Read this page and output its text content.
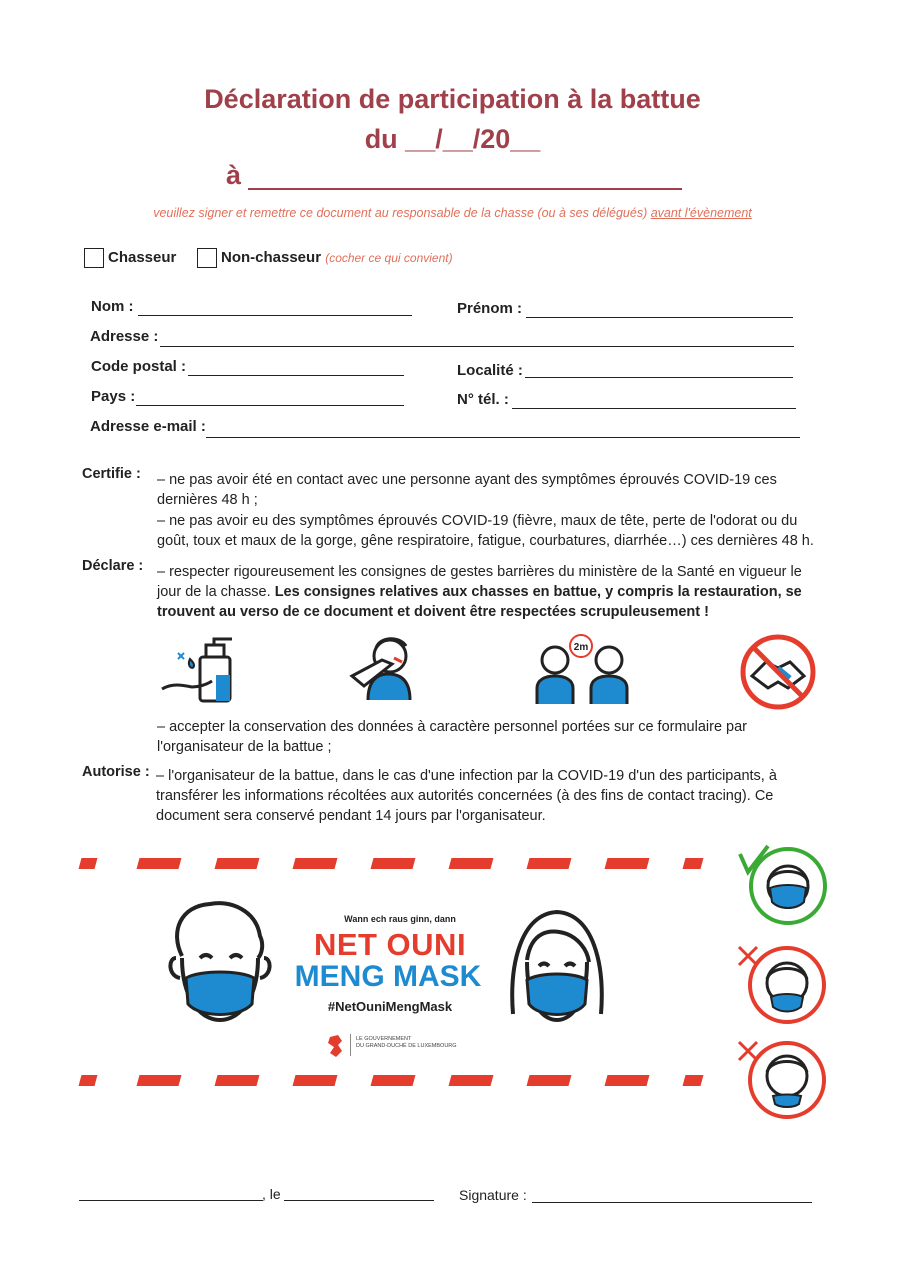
Déclaration de participation à la battue
du __/__/20__
à
veuillez signer et remettre ce document au responsable de la chasse (ou à ses délégués) avant l'évènement
Chasseur	Non-chasseur (cocher ce qui convient)
Nom :	Prénom :
Adresse :
Code postal :	Localité :
Pays :	N° tél. :
Adresse e-mail :
Certifie : – ne pas avoir été en contact avec une personne ayant des symptômes éprouvés COVID-19 ces dernières 48 h ;
– ne pas avoir eu des symptômes éprouvés COVID-19 (fièvre, maux de tête, perte de l'odorat ou du goût, toux et maux de la gorge, gêne respiratoire, fatigue, courbatures, diarrhée…) ces dernières 48 h.
Déclare : – respecter rigoureusement les consignes de gestes barrières du ministère de la Santé en vigueur le jour de la chasse. Les consignes relatives aux chasses en battue, y compris la restauration, se trouvent au verso de ce document et doivent être respectées scrupuleusement !
2m
– accepter la conservation des données à caractère personnel portées sur ce formulaire par l'organisateur de la battue ;
Autorise : – l'organisateur de la battue, dans le cas d'une infection par la COVID-19 d'un des participants, à transférer les informations récoltées aux autorités concernées (à des fins de contact tracing). Ce document sera conservé pendant 14 jours par l'organisateur.
Wann ech raus ginn, dann
NET OUNI
MENG MASK
#NetOuniMengMask
LE GOUVERNEMENT
DU GRAND-DUCHÉ DE LUXEMBOURG
, le	Signature :
